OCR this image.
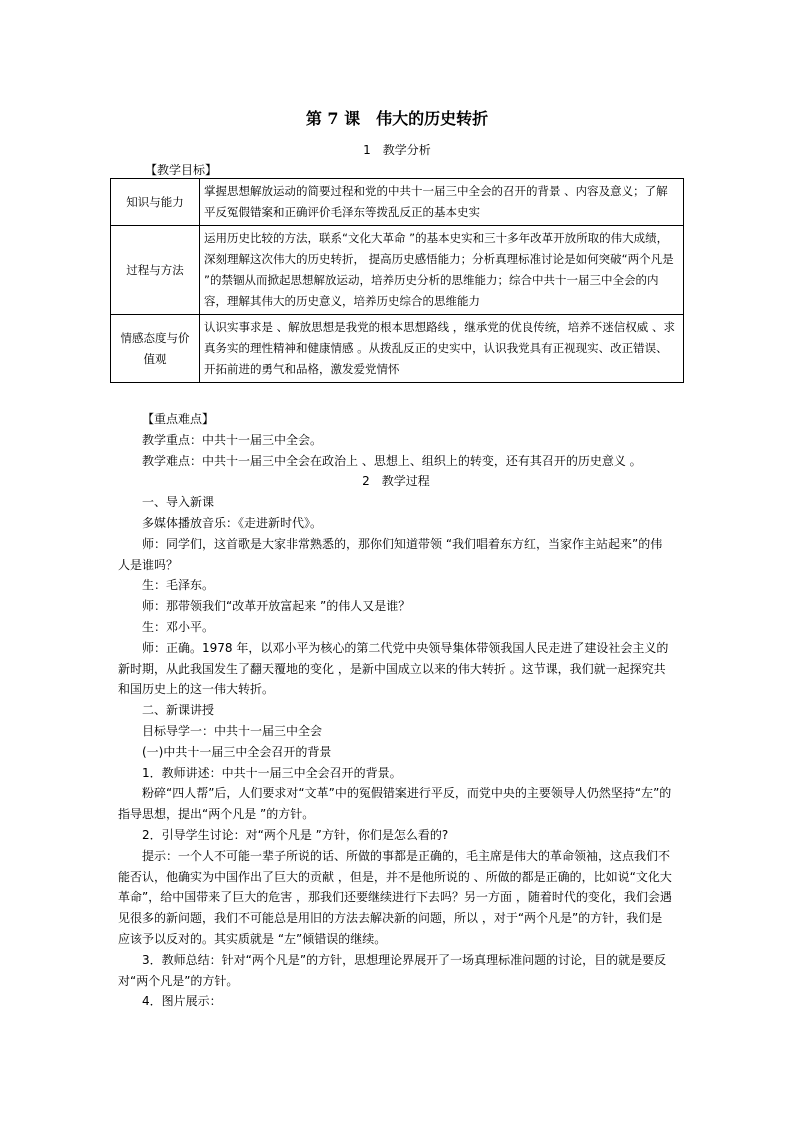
第 7 课　伟大的历史转折
1　教学分析
【教学目标】
知识与能力	掌握思想解放运动的简要过程和党的中共十一届三中全会的召开的背景 、内容及意义；了解平反冤假错案和正确评价毛泽东等拨乱反正的基本史实
过程与方法	运用历史比较的方法，联系“文化大革命 ”的基本史实和三十多年改革开放所取的伟大成绩，深刻理解这次伟大的历史转折， 提高历史感悟能力；分析真理标准讨论是如何突破“两个凡是 ”的禁锢从而掀起思想解放运动，培养历史分析的思维能力；综合中共十一届三中全会的内容，理解其伟大的历史意义，培养历史综合的思维能力
情感态度与价值观	认识实事求是 、解放思想是我党的根本思想路线 ，继承党的优良传统，培养不迷信权威 、求真务实的理性精神和健康情感 。从拨乱反正的史实中，认识我党具有正视现实、改正错误、开拓前进的勇气和品格，激发爱党情怀

【重点难点】

教学重点：中共十一届三中全会。

教学难点：中共十一届三中全会在政治上 、思想上、组织上的转变，还有其召开的历史意义 。

2　教学过程

一、导入新课

多媒体播放音乐：《走进新时代》。

师：同学们，这首歌是大家非常熟悉的，那你们知道带领 “我们唱着东方红，当家作主站起来”的伟人是谁吗？

生：毛泽东。

师：那带领我们“改革开放富起来 ”的伟人又是谁？

生：邓小平。

师：正确。1978 年，以邓小平为核心的第二代党中央领导集体带领我国人民走进了建设社会主义的新时期，从此我国发生了翻天覆地的变化 ，是新中国成立以来的伟大转折 。这节课，我们就一起探究共和国历史上的这一伟大转折。

二、新课讲授

目标导学一：中共十一届三中全会

(一)中共十一届三中全会召开的背景

1．教师讲述：中共十一届三中全会召开的背景。

粉碎“四人帮”后，人们要求对“文革”中的冤假错案进行平反，而党中央的主要领导人仍然坚持“左”的指导思想，提出“两个凡是 ”的方针。

2．引导学生讨论：对“两个凡是 ”方针，你们是怎么看的?

提示：一个人不可能一辈子所说的话、所做的事都是正确的，毛主席是伟大的革命领袖，这点我们不能否认，他确实为中国作出了巨大的贡献 ，但是，并不是他所说的 、所做的都是正确的，比如说“文化大革命”，给中国带来了巨大的危害 ，那我们还要继续进行下去吗？另一方面 ，随着时代的变化，我们会遇见很多的新问题，我们不可能总是用旧的方法去解决新的问题，所以 ，对于“两个凡是”的方针，我们是应该予以反对的。其实质就是 “左”倾错误的继续。

3．教师总结：针对“两个凡是”的方针，思想理论界展开了一场真理标准问题的讨论，目的就是要反对“两个凡是”的方针。

4．图片展示：
